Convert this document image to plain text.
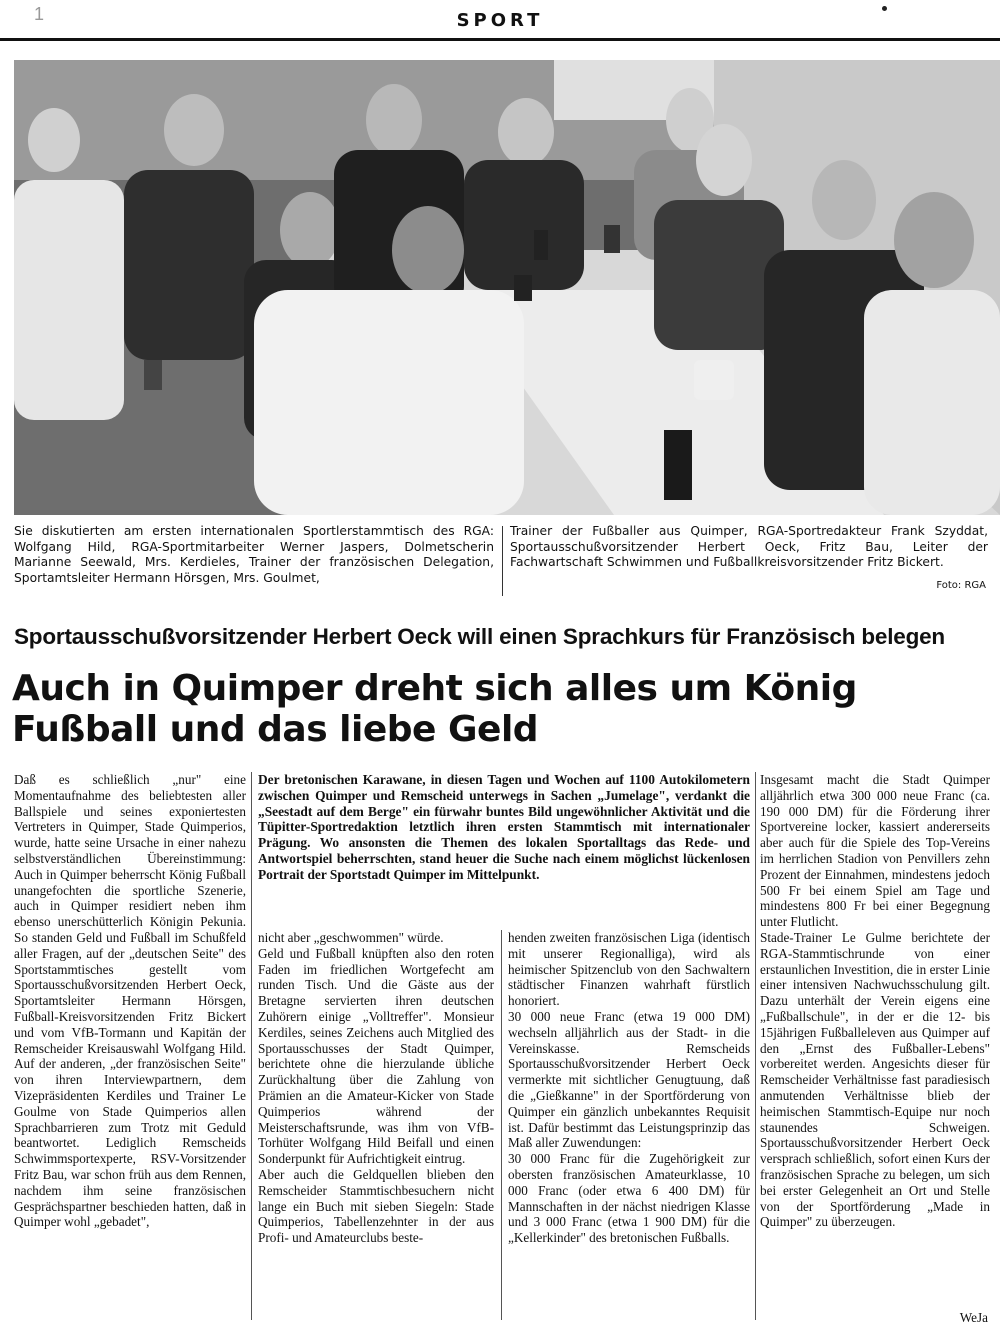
1	SPORT
Sie diskutierten am ersten internationalen Sportlerstammtisch des RGA: Wolfgang Hild, RGA-Sportmitarbeiter Werner Jaspers, Dolmetscherin Marianne Seewald, Mrs. Kerdieles, Trainer der französischen Delegation, Sportamtsleiter Hermann Hörsgen, Mrs. Goulmet,
Trainer der Fußballer aus Quimper, RGA-Sportredakteur Frank Szyddat, Sportausschußvorsitzender Herbert Oeck, Fritz Bau, Leiter der Fachwartschaft Schwimmen und Fußballkreisvorsitzender Fritz Bickert.
Foto: RGA
Sportausschußvorsitzender Herbert Oeck will einen Sprachkurs für Französisch belegen
Auch in Quimper dreht sich alles um König Fußball und das liebe Geld
Daß es schließlich „nur" eine Momentaufnahme des beliebtesten aller Ballspiele und seines exponiertesten Vertreters in Quimper, Stade Quimperios, wurde, hatte seine Ursache in einer nahezu selbstverständlichen Übereinstimmung: Auch in Quimper beherrscht König Fußball unangefochten die sportliche Szenerie, auch in Quimper residiert neben ihm ebenso unerschütterlich Königin Pekunia. So standen Geld und Fußball im Schußfeld aller Fragen, auf der „deutschen Seite" des Sportstammtisches gestellt vom Sportausschußvorsitzenden Herbert Oeck, Sportamtsleiter Hermann Hörsgen, Fußball-Kreisvorsitzenden Fritz Bickert und vom VfB-Tormann und Kapitän der Remscheider Kreisauswahl Wolfgang Hild. Auf der anderen, „der französischen Seite" von ihren Interviewpartnern, dem Vizepräsidenten Kerdiles und Trainer Le Goulme von Stade Quimperios allen Sprachbarrieren zum Trotz mit Geduld beantwortet. Lediglich Remscheids Schwimmsportexperte, RSV-Vorsitzender Fritz Bau, war schon früh aus dem Rennen, nachdem ihm seine französischen Gesprächspartner beschieden hatten, daß in Quimper wohl „gebadet",
Der bretonischen Karawane, in diesen Tagen und Wochen auf 1100 Autokilometern zwischen Quimper und Remscheid unterwegs in Sachen „Jumelage", verdankt die „Seestadt auf dem Berge" ein fürwahr buntes Bild ungewöhnlicher Aktivität und die Tüpitter-Sportredaktion letztlich ihren ersten Stammtisch mit internationaler Prägung. Wo ansonsten die Themen des lokalen Sportalltags das Rede- und Antwortspiel beherrschten, stand heuer die Suche nach einem möglichst lückenlosen Portrait der Sportstadt Quimper im Mittelpunkt.
nicht aber „geschwommen" würde.
Geld und Fußball knüpften also den roten Faden im friedlichen Wortgefecht am runden Tisch. Und die Gäste aus der Bretagne servierten ihren deutschen Zuhörern einige „Volltreffer". Monsieur Kerdiles, seines Zeichens auch Mitglied des Sportausschusses der Stadt Quimper, berichtete ohne die hierzulande übliche Zurückhaltung über die Zahlung von Prämien an die Amateur-Kicker von Stade Quimperios während der Meisterschaftsrunde, was ihm von VfB-Torhüter Wolfgang Hild Beifall und einen Sonderpunkt für Aufrichtigkeit eintrug.
Aber auch die Geldquellen blieben den Remscheider Stammtischbesuchern nicht lange ein Buch mit sieben Siegeln: Stade Quimperios, Tabellenzehnter in der aus Profi- und Amateurclubs beste-
henden zweiten französischen Liga (identisch mit unserer Regionalliga), wird als heimischer Spitzenclub von den Sachwaltern städtischer Finanzen wahrhaft fürstlich honoriert.
30 000 neue Franc (etwa 19 000 DM) wechseln alljährlich aus der Stadt- in die Vereinskasse. Remscheids Sportausschußvorsitzender Herbert Oeck vermerkte mit sichtlicher Genugtuung, daß die „Gießkanne" in der Sportförderung von Quimper ein gänzlich unbekanntes Requisit ist. Dafür bestimmt das Leistungsprinzip das Maß aller Zuwendungen:
30 000 Franc für die Zugehörigkeit zur obersten französischen Amateurklasse, 10 000 Franc (oder etwa 6 400 DM) für Mannschaften in der nächst niedrigen Klasse und 3 000 Franc (etwa 1 900 DM) für die „Kellerkinder" des bretonischen Fußballs.
Insgesamt macht die Stadt Quimper alljährlich etwa 300 000 neue Franc (ca. 190 000 DM) für die Förderung ihrer Sportvereine locker, kassiert andererseits aber auch für die Spiele des Top-Vereins im herrlichen Stadion von Penvillers zehn Prozent der Einnahmen, mindestens jedoch 500 Fr bei einem Spiel am Tage und mindestens 800 Fr bei einer Begegnung unter Flutlicht.
Stade-Trainer Le Gulme berichtete der RGA-Stammtischrunde von einer erstaunlichen Investition, die in erster Linie einer intensiven Nachwuchsschulung gilt. Dazu unterhält der Verein eigens eine „Fußballschule", in der er die 12- bis 15jährigen Fußballeleven aus Quimper auf den „Ernst des Fußballer-Lebens" vorbereitet werden. Angesichts dieser für Remscheider Verhältnisse fast paradiesisch anmutenden Verhältnisse blieb der heimischen Stammtisch-Equipe nur noch staunendes Schweigen. Sportausschußvorsitzender Herbert Oeck versprach schließlich, sofort einen Kurs der französischen Sprache zu belegen, um sich bei erster Gelegenheit an Ort und Stelle von der Sportförderung „Made in Quimper" zu überzeugen.
WeJa
